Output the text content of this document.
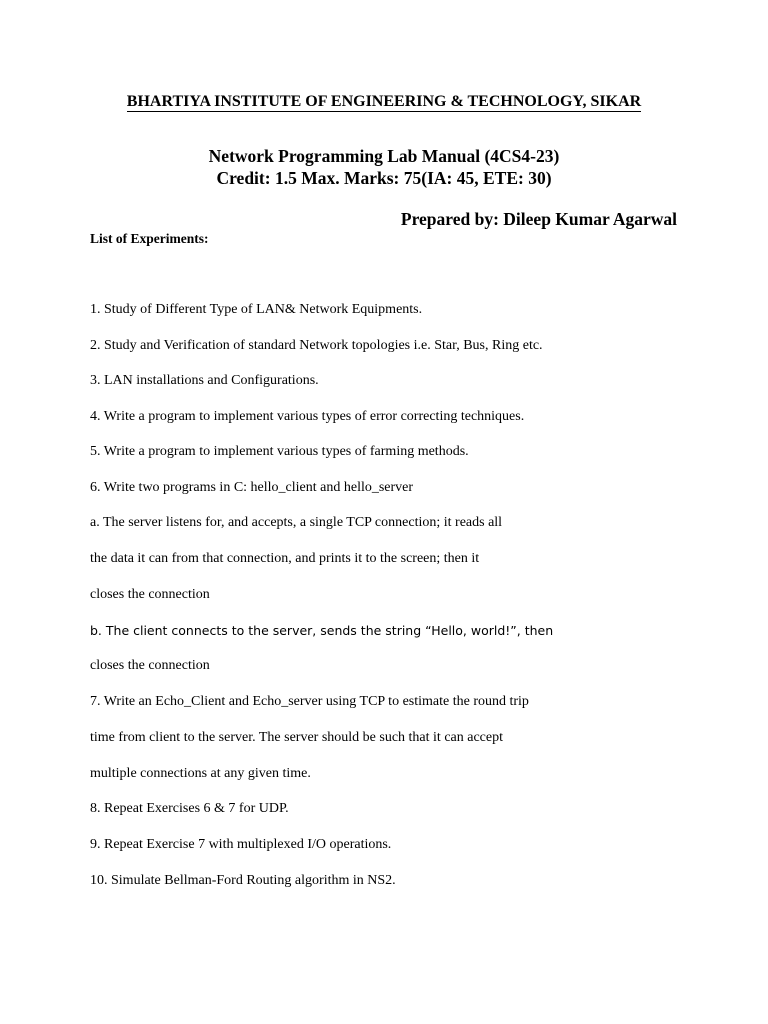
BHARTIYA INSTITUTE OF ENGINEERING & TECHNOLOGY, SIKAR
Network Programming Lab Manual (4CS4-23)
Credit: 1.5 Max. Marks: 75(IA: 45, ETE: 30)
Prepared by: Dileep Kumar Agarwal
List of Experiments:
1. Study of Different Type of LAN& Network Equipments.
2. Study and Verification of standard Network topologies i.e. Star, Bus, Ring etc.
3. LAN installations and Configurations.
4. Write a program to implement various types of error correcting techniques.
5. Write a program to implement various types of farming methods.
6. Write two programs in C: hello_client and hello_server
a. The server listens for, and accepts, a single TCP connection; it reads all
the data it can from that connection, and prints it to the screen; then it
closes the connection
b. The client connects to the server, sends the string “Hello, world!”, then
closes the connection
7. Write an Echo_Client and Echo_server using TCP to estimate the round trip
time from client to the server. The server should be such that it can accept
multiple connections at any given time.
8. Repeat Exercises 6 & 7 for UDP.
9. Repeat Exercise 7 with multiplexed I/O operations.
10. Simulate Bellman-Ford Routing algorithm in NS2.
